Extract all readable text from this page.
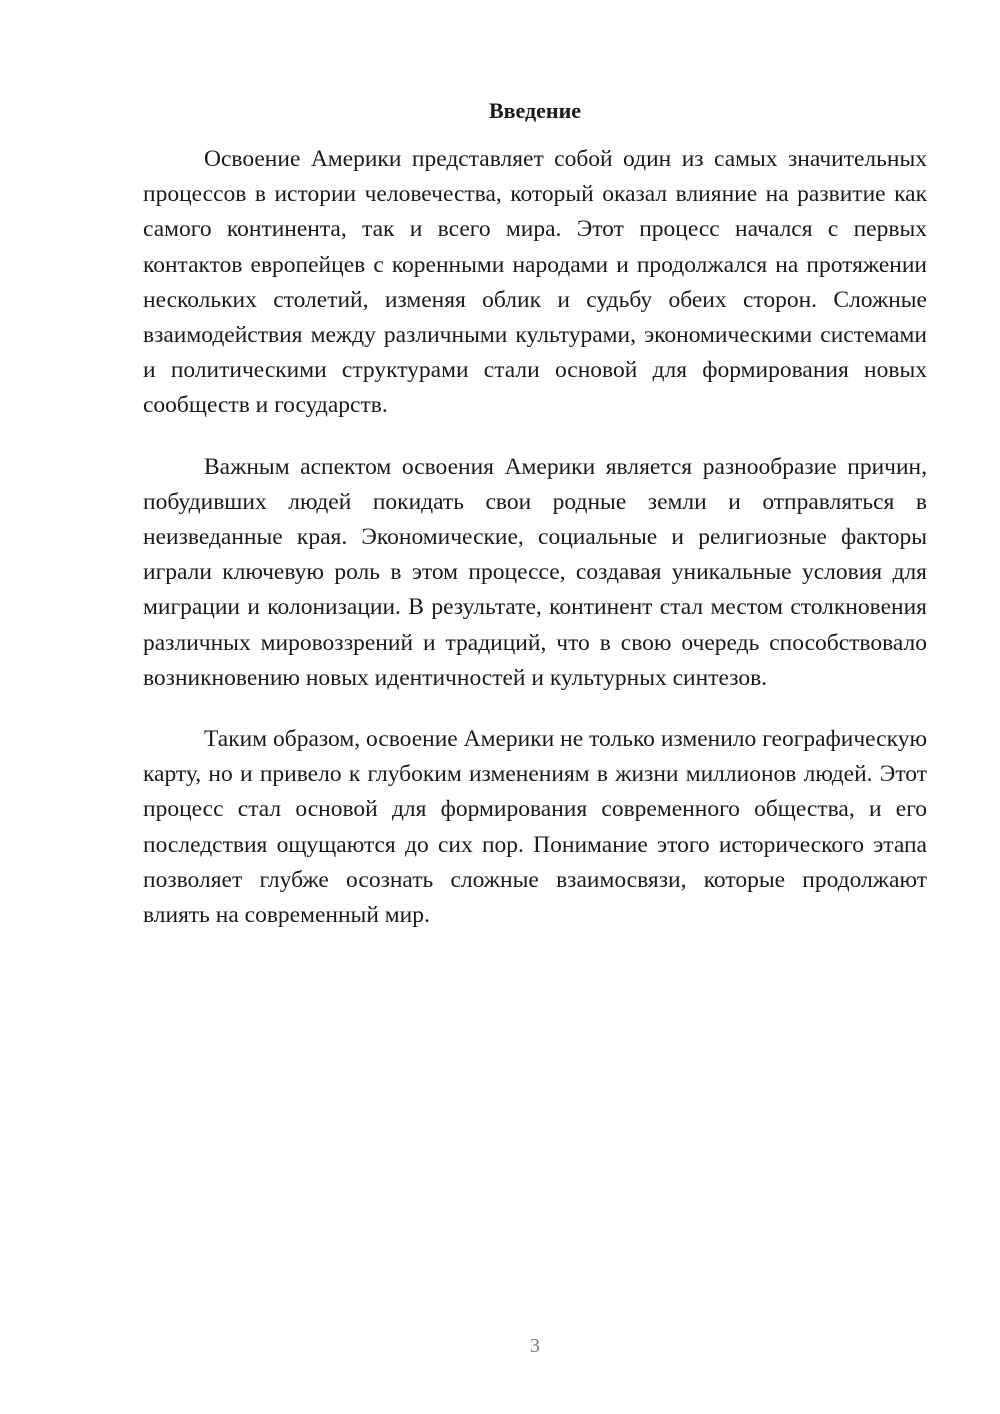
Введение

Освоение Америки представляет собой один из самых значительных процессов в истории человечества, который оказал влияние на развитие как самого континента, так и всего мира. Этот процесс начался с первых контактов европейцев с коренными народами и продолжался на протяжении нескольких столетий, изменяя облик и судьбу обеих сторон. Сложные взаимодействия между различными культурами, экономическими системами и политическими структурами стали основой для формирования новых сообществ и государств.

Важным аспектом освоения Америки является разнообразие причин, побудивших людей покидать свои родные земли и отправляться в неизведанные края. Экономические, социальные и религиозные факторы играли ключевую роль в этом процессе, создавая уникальные условия для миграции и колонизации. В результате, континент стал местом столкновения различных мировоззрений и традиций, что в свою очередь способствовало возникновению новых идентичностей и культурных синтезов.

Таким образом, освоение Америки не только изменило географическую карту, но и привело к глубоким изменениям в жизни миллионов людей. Этот процесс стал основой для формирования современного общества, и его последствия ощущаются до сих пор. Понимание этого исторического этапа позволяет глубже осознать сложные взаимосвязи, которые продолжают влиять на современный мир.

3
